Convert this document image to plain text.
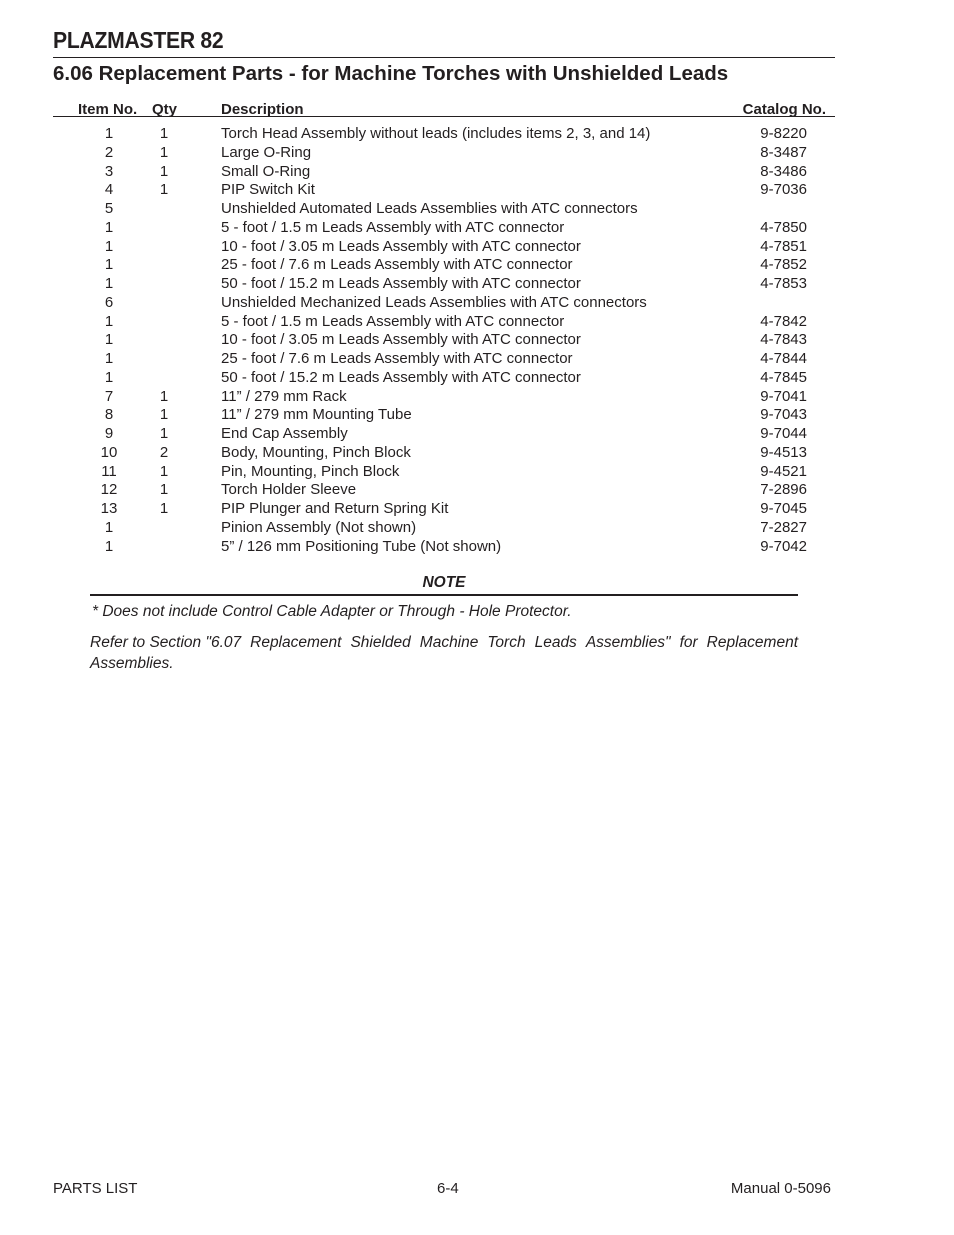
PLAZMASTER 82
6.06 Replacement Parts - for Machine Torches with Unshielded Leads
Item No. Qty	Description	Catalog No.
1	1	Torch Head Assembly without leads (includes items 2, 3, and 14)	9-8220
2	1	Large O-Ring	8-3487
3	1	Small O-Ring	8-3486
4	1	PIP Switch Kit	9-7036
5	Unshielded Automated Leads Assemblies with ATC connectors
1	5 - foot / 1.5 m Leads Assembly with ATC connector	4-7850
1	10 - foot / 3.05 m Leads Assembly with ATC connector	4-7851
1	25 - foot / 7.6 m Leads Assembly with ATC connector	4-7852
1	50 - foot / 15.2 m Leads Assembly with ATC connector	4-7853
6	Unshielded Mechanized Leads Assemblies with ATC connectors
1	5 - foot / 1.5 m Leads Assembly with ATC connector	4-7842
1	10 - foot / 3.05 m Leads Assembly with ATC connector	4-7843
1	25 - foot / 7.6 m Leads Assembly with ATC connector	4-7844
1	50 - foot / 15.2 m Leads Assembly with ATC connector	4-7845
7	1	11” / 279 mm Rack	9-7041
8	1	11” / 279 mm Mounting Tube	9-7043
9	1	End Cap Assembly	9-7044
10	2	Body, Mounting, Pinch Block	9-4513
11	1	Pin, Mounting, Pinch Block	9-4521
12	1	Torch Holder Sleeve	7-2896
13	1	PIP Plunger and Return Spring Kit	9-7045
1	Pinion Assembly (Not shown)	7-2827
1	5” / 126 mm Positioning Tube (Not shown)	9-7042
NOTE
* Does not include Control Cable Adapter or Through - Hole Protector.
Refer to Section "6.07 Replacement Shielded Machine Torch Leads Assemblies" for Replacement
Assemblies.
PARTS LIST	6-4	Manual 0-5096
